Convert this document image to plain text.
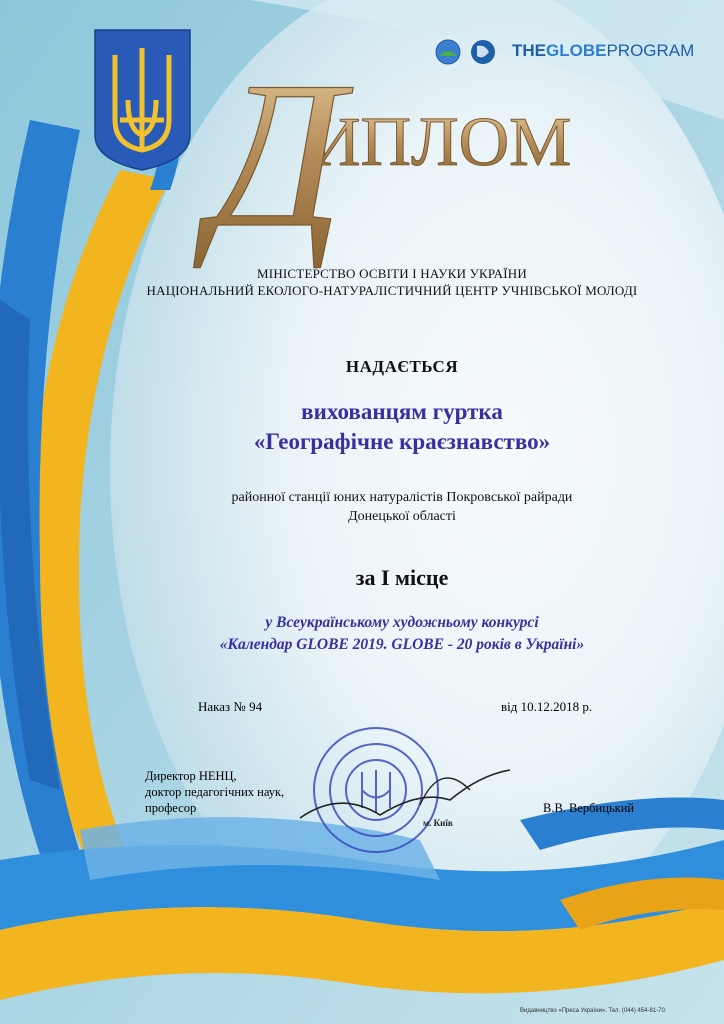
ИПЛОМ
Д	THEGLOBEPROGRAM
МІНІСТЕРСТВО ОСВІТИ І НАУКИ УКРАЇНИ
НАЦІОНАЛЬНИЙ ЕКОЛОГО-НАТУРАЛІСТИЧНИЙ ЦЕНТР УЧНІВСЬКОЇ МОЛОДІ
НАДАЄТЬСЯ
вихованцям гуртка
«Географічне краєзнавство»
районної станції юних натуралістів Покровської райради
Донецької області
за І місце
у Всеукраїнському художньому конкурсі
«Календар GLOBE 2019. GLOBE - 20 років в Україні»
Наказ № 94	від 10.12.2018 р.
Директор НЕНЦ,
доктор педагогічних наук,
професор
м. Київ
В.В. Вербицький
Видавництво «Преса України». Тел. (044) 454-81-70.
